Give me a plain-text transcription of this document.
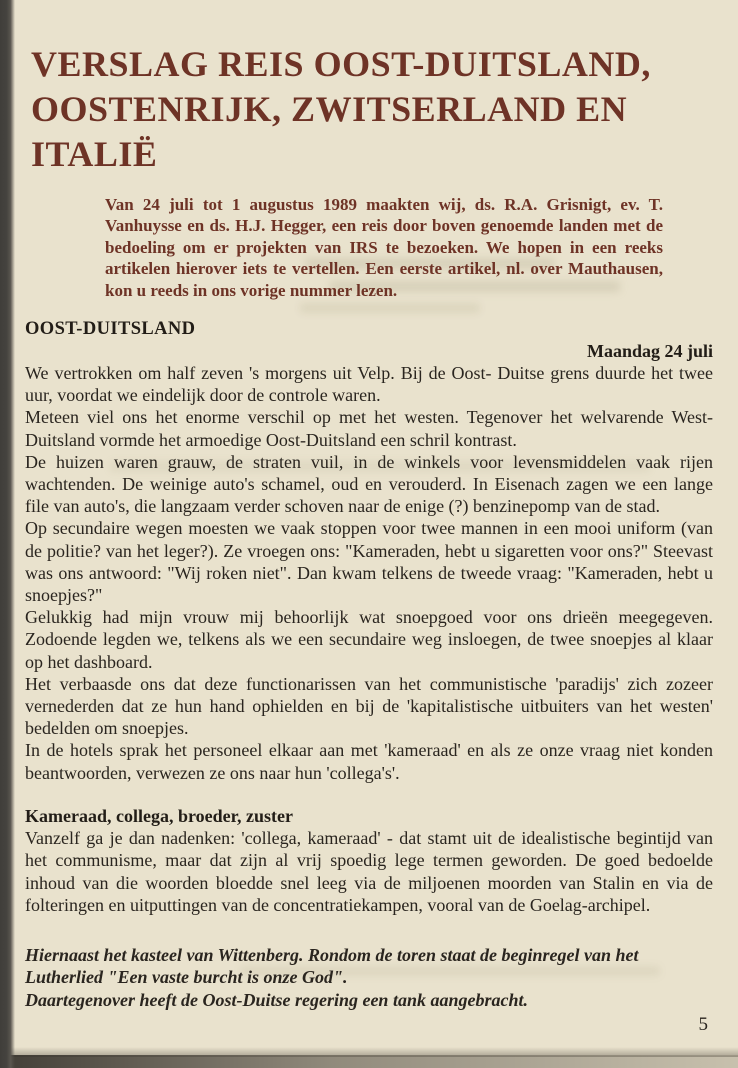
VERSLAG REIS OOST-DUITSLAND,
OOSTENRIJK, ZWITSERLAND EN ITALIË
Van 24 juli tot 1 augustus 1989 maakten wij, ds. R.A. Grisnigt, ev. T. Vanhuysse en ds. H.J. Hegger, een reis door boven genoemde landen met de bedoeling om er projekten van IRS te bezoeken. We hopen in een reeks artikelen hierover iets te vertellen. Een eerste artikel, nl. over Mauthausen, kon u reeds in ons vorige nummer lezen.
OOST-DUITSLAND
Maandag 24 juli

We vertrokken om half zeven 's morgens uit Velp. Bij de Oost- Duitse grens duurde het twee uur, voordat we eindelijk door de controle waren.

Meteen viel ons het enorme verschil op met het westen. Tegenover het welvarende West-Duitsland vormde het armoedige Oost-Duitsland een schril kontrast.

De huizen waren grauw, de straten vuil, in de winkels voor levensmiddelen vaak rijen wachtenden. De weinige auto's schamel, oud en verouderd. In Eisenach zagen we een lange file van auto's, die langzaam verder schoven naar de enige (?) benzinepomp van de stad.

Op secundaire wegen moesten we vaak stoppen voor twee mannen in een mooi uniform (van de politie? van het leger?). Ze vroegen ons: "Kameraden, hebt u sigaretten voor ons?" Steevast was ons antwoord: "Wij roken niet". Dan kwam telkens de tweede vraag: "Kameraden, hebt u snoepjes?"

Gelukkig had mijn vrouw mij behoorlijk wat snoepgoed voor ons drieën meegegeven. Zodoende legden we, telkens als we een secundaire weg insloegen, de twee snoepjes al klaar op het dashboard.

Het verbaasde ons dat deze functionarissen van het communistische 'paradijs' zich zozeer vernederden dat ze hun hand ophielden en bij de 'kapitalistische uitbuiters van het westen' bedelden om snoepjes.

In de hotels sprak het personeel elkaar aan met 'kameraad' en als ze onze vraag niet konden beantwoorden, verwezen ze ons naar hun 'collega's'.

Kameraad, collega, broeder, zuster

Vanzelf ga je dan nadenken: 'collega, kameraad' - dat stamt uit de idealistische begintijd van het communisme, maar dat zijn al vrij spoedig lege termen geworden. De goed bedoelde inhoud van die woorden bloedde snel leeg via de miljoenen moorden van Stalin en via de folteringen en uitputtingen van de concentratiekampen, vooral van de Goelag-archipel.

Hiernaast het kasteel van Wittenberg. Rondom de toren staat de beginregel van het Lutherlied "Een vaste burcht is onze God".

Daartegenover heeft de Oost-Duitse regering een tank aangebracht.

5
